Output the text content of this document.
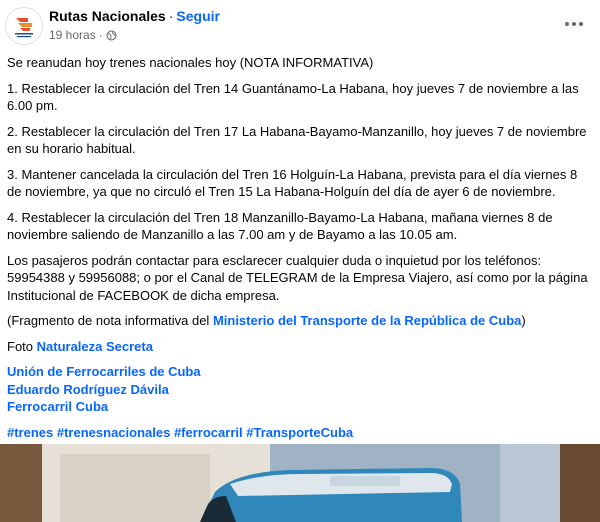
Rutas Nacionales · Seguir
19 horas ·

Se reanudan hoy trenes nacionales hoy (NOTA INFORMATIVA)

1. Restablecer la circulación del Tren 14 Guantánamo-La Habana, hoy jueves 7 de noviembre a las 6.00 pm.

2. Restablecer la circulación del Tren 17 La Habana-Bayamo-Manzanillo, hoy jueves 7 de noviembre en su horario habitual.

3. Mantener cancelada la circulación del Tren 16 Holguín-La Habana, prevista para el día viernes 8 de noviembre, ya que no circuló el Tren 15 La Habana-Holguín del día de ayer 6 de noviembre.

4. Restablecer la circulación del Tren 18 Manzanillo-Bayamo-La Habana, mañana viernes 8 de noviembre saliendo de Manzanillo a las 7.00 am y de Bayamo a las 10.05 am.

Los pasajeros podrán contactar para esclarecer cualquier duda o inquietud por los teléfonos: 59954388 y 59956088; o por el Canal de TELEGRAM de la Empresa Viajero, así como por la página Institucional de FACEBOOK de dicha empresa.

(Fragmento de nota informativa del Ministerio del Transporte de la República de Cuba)

Foto Naturaleza Secreta

Unión de Ferrocarriles de Cuba

Eduardo Rodríguez Dávila

Ferrocarril Cuba

#trenes #trenesnacionales #ferrocarril #TransporteCuba
